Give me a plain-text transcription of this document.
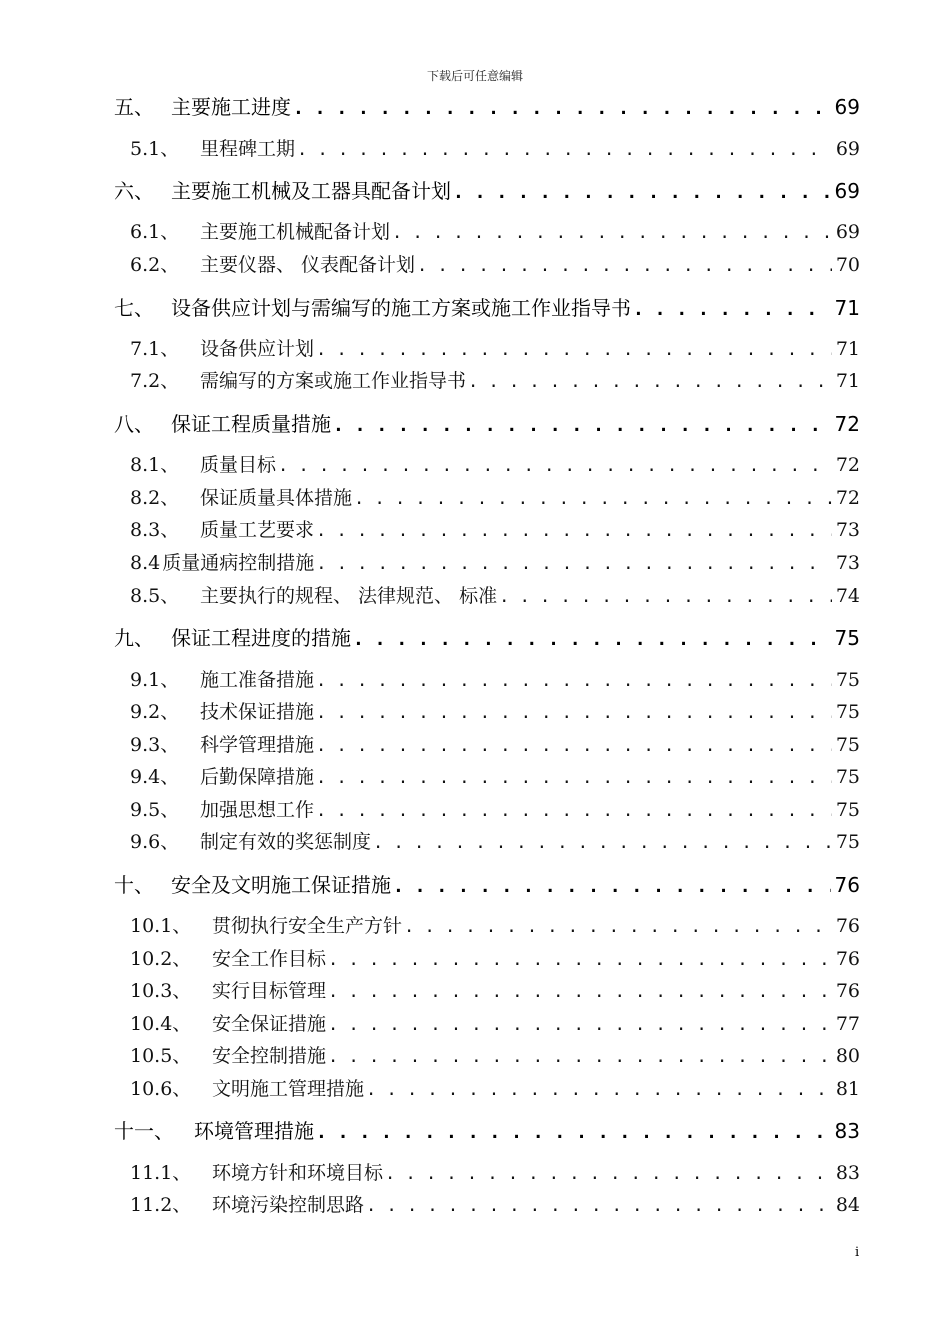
下载后可任意编辑
五、 主要施工进度 . . .	69
5.1、	里程碑工期 . . .	69
六、 主要施工机械及工器具配备计划 . . .	69
6.1、	主要施工机械配备计划 . . .	69
6.2、	主要仪器、 仪表配备计划 . . .	70
七、 设备供应计划与需编写的施工方案或施工作业指导书 . . .	71
7.1、	设备供应计划 . . .	71
7.2、	需编写的方案或施工作业指导书 . . .	71
八、 保证工程质量措施 . . .	72
8.1、	质量目标 . . .	72
8.2、	保证质量具体措施 . . .	72
8.3、	质量工艺要求 . . .	73
8.4 质量通病控制措施 . . .	73
8.5、	主要执行的规程、 法律规范、 标准 . . .	74
九、 保证工程进度的措施 . . .	75
9.1、	施工准备措施 . . .	75
9.2、	技术保证措施 . . .	75
9.3、	科学管理措施 . . .	75
9.4、	后勤保障措施 . . .	75
9.5、	加强思想工作 . . .	75
9.6、	制定有效的奖惩制度 . . .	75
十、 安全及文明施工保证措施 . . .	76
10.1、	贯彻执行安全生产方针 . . .	76
10.2、	安全工作目标 . . .	76
10.3、	实行目标管理 . . .	76
10.4、	安全保证措施 . . .	77
10.5、	安全控制措施 . . .	80
10.6、	文明施工管理措施 . . .	81
十一、	环境管理措施 . . .	83
11.1、	环境方针和环境目标 . . .	83
11.2、	环境污染控制思路 . . .	84
i
